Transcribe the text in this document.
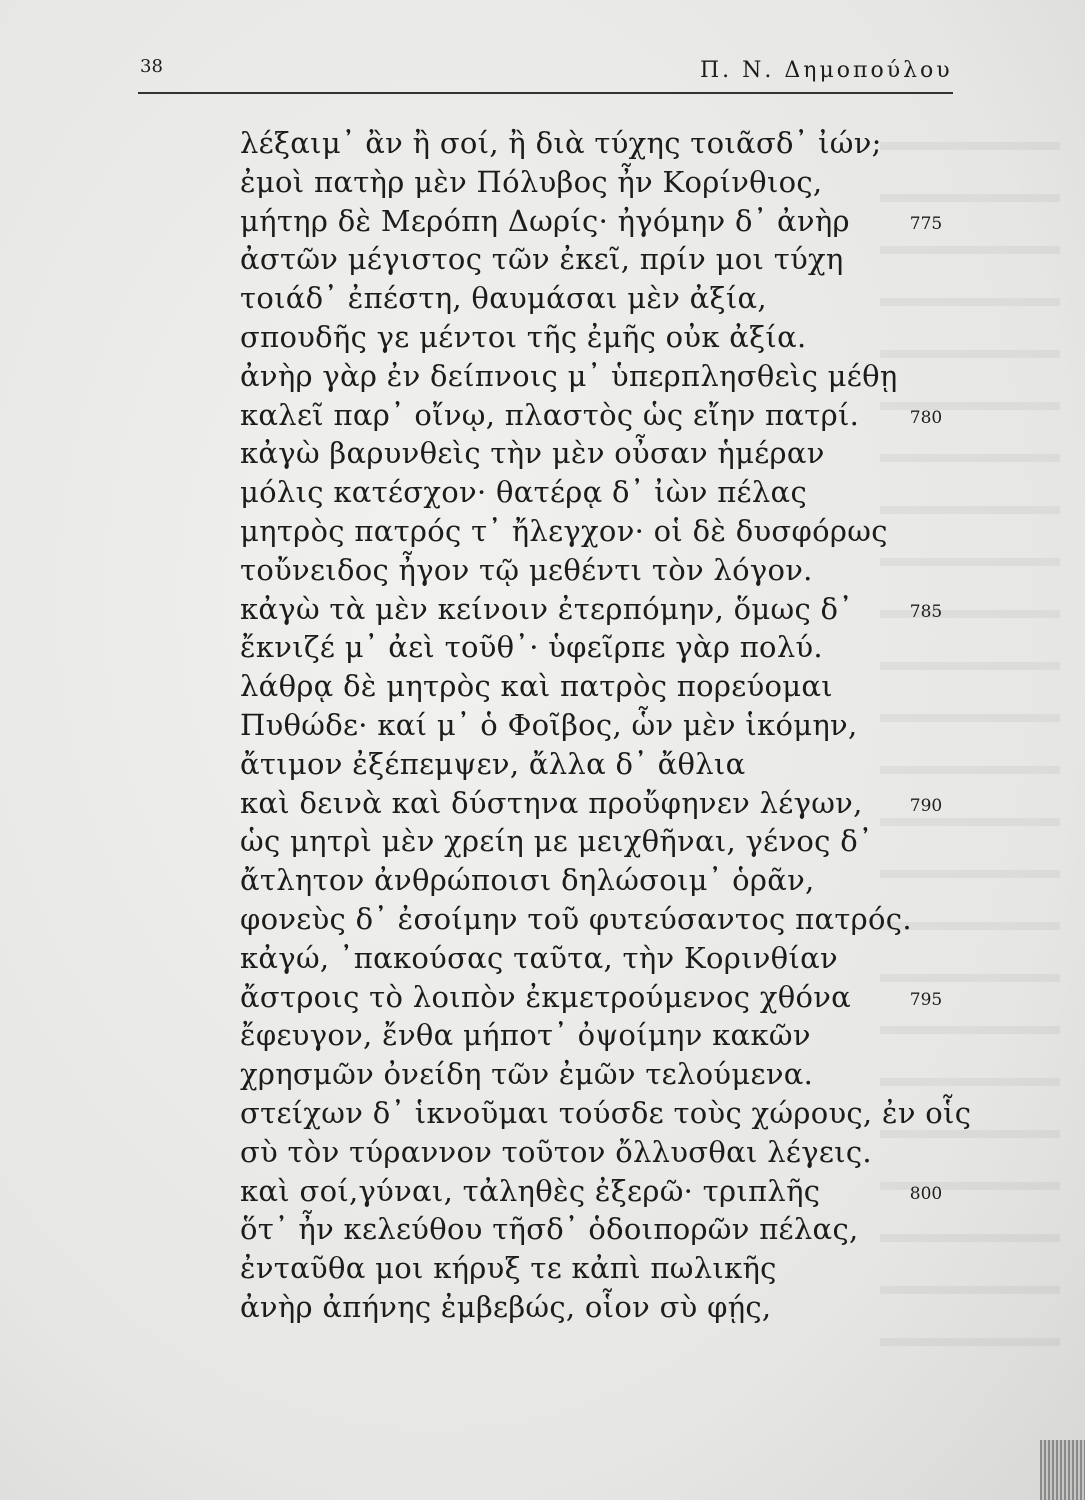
38	Π. Ν. Δημοπούλου
λέξαιμ᾽ ἂν ἢ σοί, ἢ διὰ τύχης τοιᾶσδ᾽ ἰών;
ἐμοὶ πατὴρ μὲν Πόλυβος ἦν Κορίνθιος,
μήτηρ δὲ Μερόπη Δωρίς· ἠγόμην δ᾽ ἀνὴρ
ἀστῶν μέγιστος τῶν ἐκεῖ, πρίν μοι τύχη
τοιάδ᾽ ἐπέστη, θαυμάσαι μὲν ἀξία,
σπουδῆς γε μέντοι τῆς ἐμῆς οὐκ ἀξία.
ἀνὴρ γὰρ ἐν δείπνοις μ᾽ ὑπερπλησθεὶς μέθῃ
καλεῖ παρ᾽ οἴνῳ, πλαστὸς ὡς εἴην πατρί.
κἀγὼ βαρυνθεὶς τὴν μὲν οὖσαν ἡμέραν
μόλις κατέσχον· θατέρᾳ δ᾽ ἰὼν πέλας
μητρὸς πατρός τ᾽ ἤλεγχον· οἱ δὲ δυσφόρως
τοὔνειδος ἦγον τῷ μεθέντι τὸν λόγον.
κἀγὼ τὰ μὲν κείνοιν ἐτερπόμην, ὅμως δ᾽
ἔκνιζέ μ᾽ ἀεὶ τοῦθ᾽· ὑφεῖρπε γὰρ πολύ.
λάθρᾳ δὲ μητρὸς καὶ πατρὸς πορεύομαι
Πυθώδε· καί μ᾽ ὁ Φοῖβος, ὧν μὲν ἱκόμην,
ἄτιμον ἐξέπεμψεν, ἄλλα δ᾽ ἄθλια
καὶ δεινὰ καὶ δύστηνα προὔφηνεν λέγων,
ὡς μητρὶ μὲν χρείη με μειχθῆναι, γένος δ᾽
ἄτλητον ἀνθρώποισι δηλώσοιμ᾽ ὁρᾶν,
φονεὺς δ᾽ ἐσοίμην τοῦ φυτεύσαντος πατρός.
κἀγώ, ᾽πακούσας ταῦτα, τὴν Κορινθίαν
ἄστροις τὸ λοιπὸν ἐκμετρούμενος χθόνα
ἔφευγον, ἔνθα μήποτ᾽ ὀψοίμην κακῶν
χρησμῶν ὀνείδη τῶν ἐμῶν τελούμενα.
στείχων δ᾽ ἱκνοῦμαι τούσδε τοὺς χώρους, ἐν οἷς
σὺ τὸν τύραννον τοῦτον ὄλλυσθαι λέγεις.
καὶ σοί,γύναι, τἀληθὲς ἐξερῶ· τριπλῆς
ὅτ᾽ ἦν κελεύθου τῆσδ᾽ ὁδοιπορῶν πέλας,
ἐνταῦθα μοι κήρυξ τε κἀπὶ πωλικῆς
ἀνὴρ ἀπήνης ἐμβεβώς, οἷον σὺ φῄς,
775
780
785
790
795
800
